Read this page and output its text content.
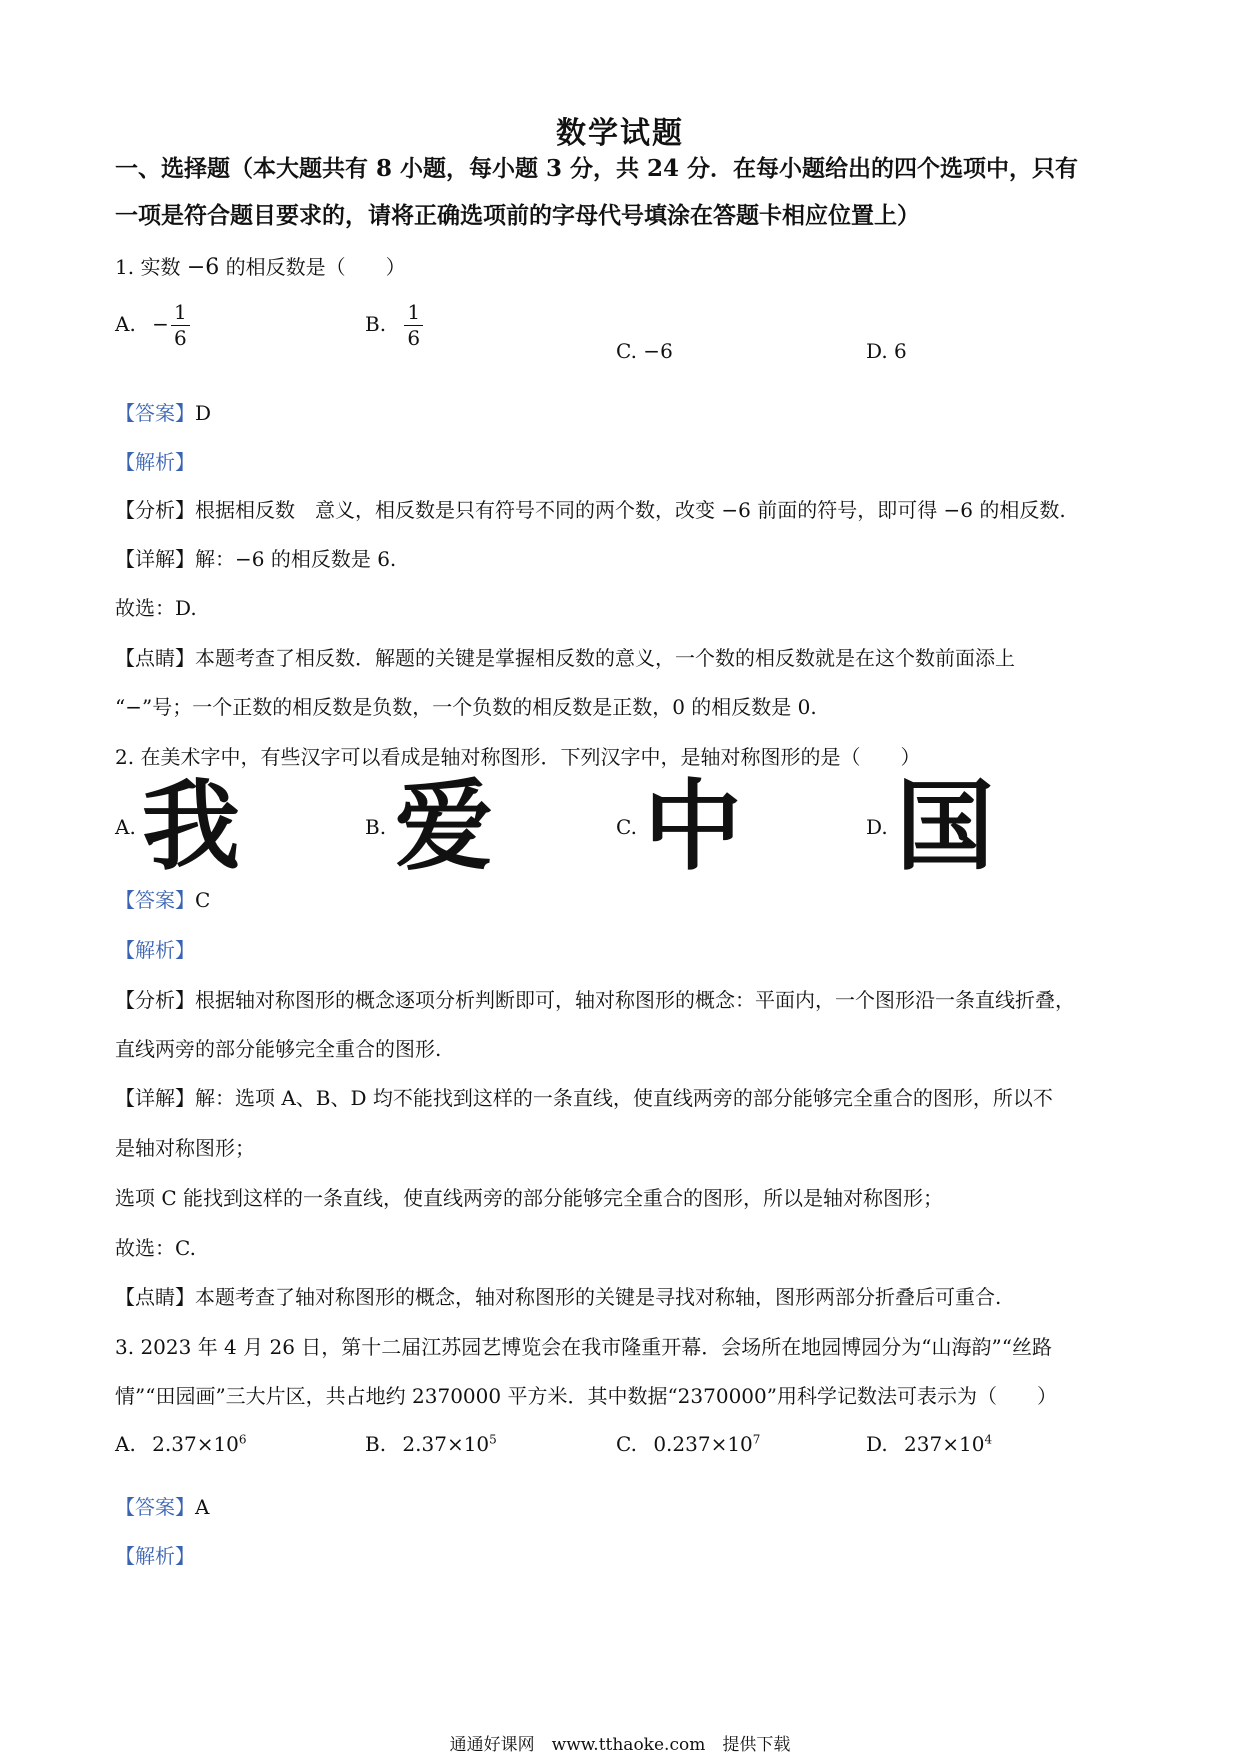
数学试题
一、选择题（本大题共有 8 小题，每小题 3 分，共 24 分．在每小题给出的四个选项中，只有
一项是符合题目要求的，请将正确选项前的字母代号填涂在答题卡相应位置上）
1. 实数 −6 的相反数是（　　）
A. − $\frac{1}{6}$	B. $\frac{1}{6}$	C. −6	D. 6
【答案】D
【解析】
【分析】根据相反数　意义，相反数是只有符号不同的两个数，改变 −6 前面的符号，即可得 −6 的相反数.
【详解】解：−6 的相反数是 6.
故选：D.
【点睛】本题考查了相反数．解题的关键是掌握相反数的意义，一个数的相反数就是在这个数前面添上
“−”号；一个正数的相反数是负数，一个负数的相反数是正数，0 的相反数是 0.
2. 在美术字中，有些汉字可以看成是轴对称图形．下列汉字中，是轴对称图形的是（　　）
A. 我	B. 爱	C. 中	D. 国
【答案】C
【解析】
【分析】根据轴对称图形的概念逐项分析判断即可，轴对称图形的概念：平面内，一个图形沿一条直线折叠，
直线两旁的部分能够完全重合的图形.
【详解】解：选项 A、B、D 均不能找到这样的一条直线，使直线两旁的部分能够完全重合的图形，所以不
是轴对称图形；
选项 C 能找到这样的一条直线，使直线两旁的部分能够完全重合的图形，所以是轴对称图形；
故选：C.
【点睛】本题考查了轴对称图形的概念，轴对称图形的关键是寻找对称轴，图形两部分折叠后可重合.
3. 2023 年 4 月 26 日，第十二届江苏园艺博览会在我市隆重开幕．会场所在地园博园分为“山海韵”“丝路
情”“田园画”三大片区，共占地约 2370000 平方米．其中数据“2370000”用科学记数法可表示为（　　）
A. $2.37\times 10^6$	B. $2.37\times 10^5$	C. $0.237\times 10^7$	D. $237\times 10^4$
【答案】A
【解析】
通通好课网　www.tthaoke.com　提供下载
